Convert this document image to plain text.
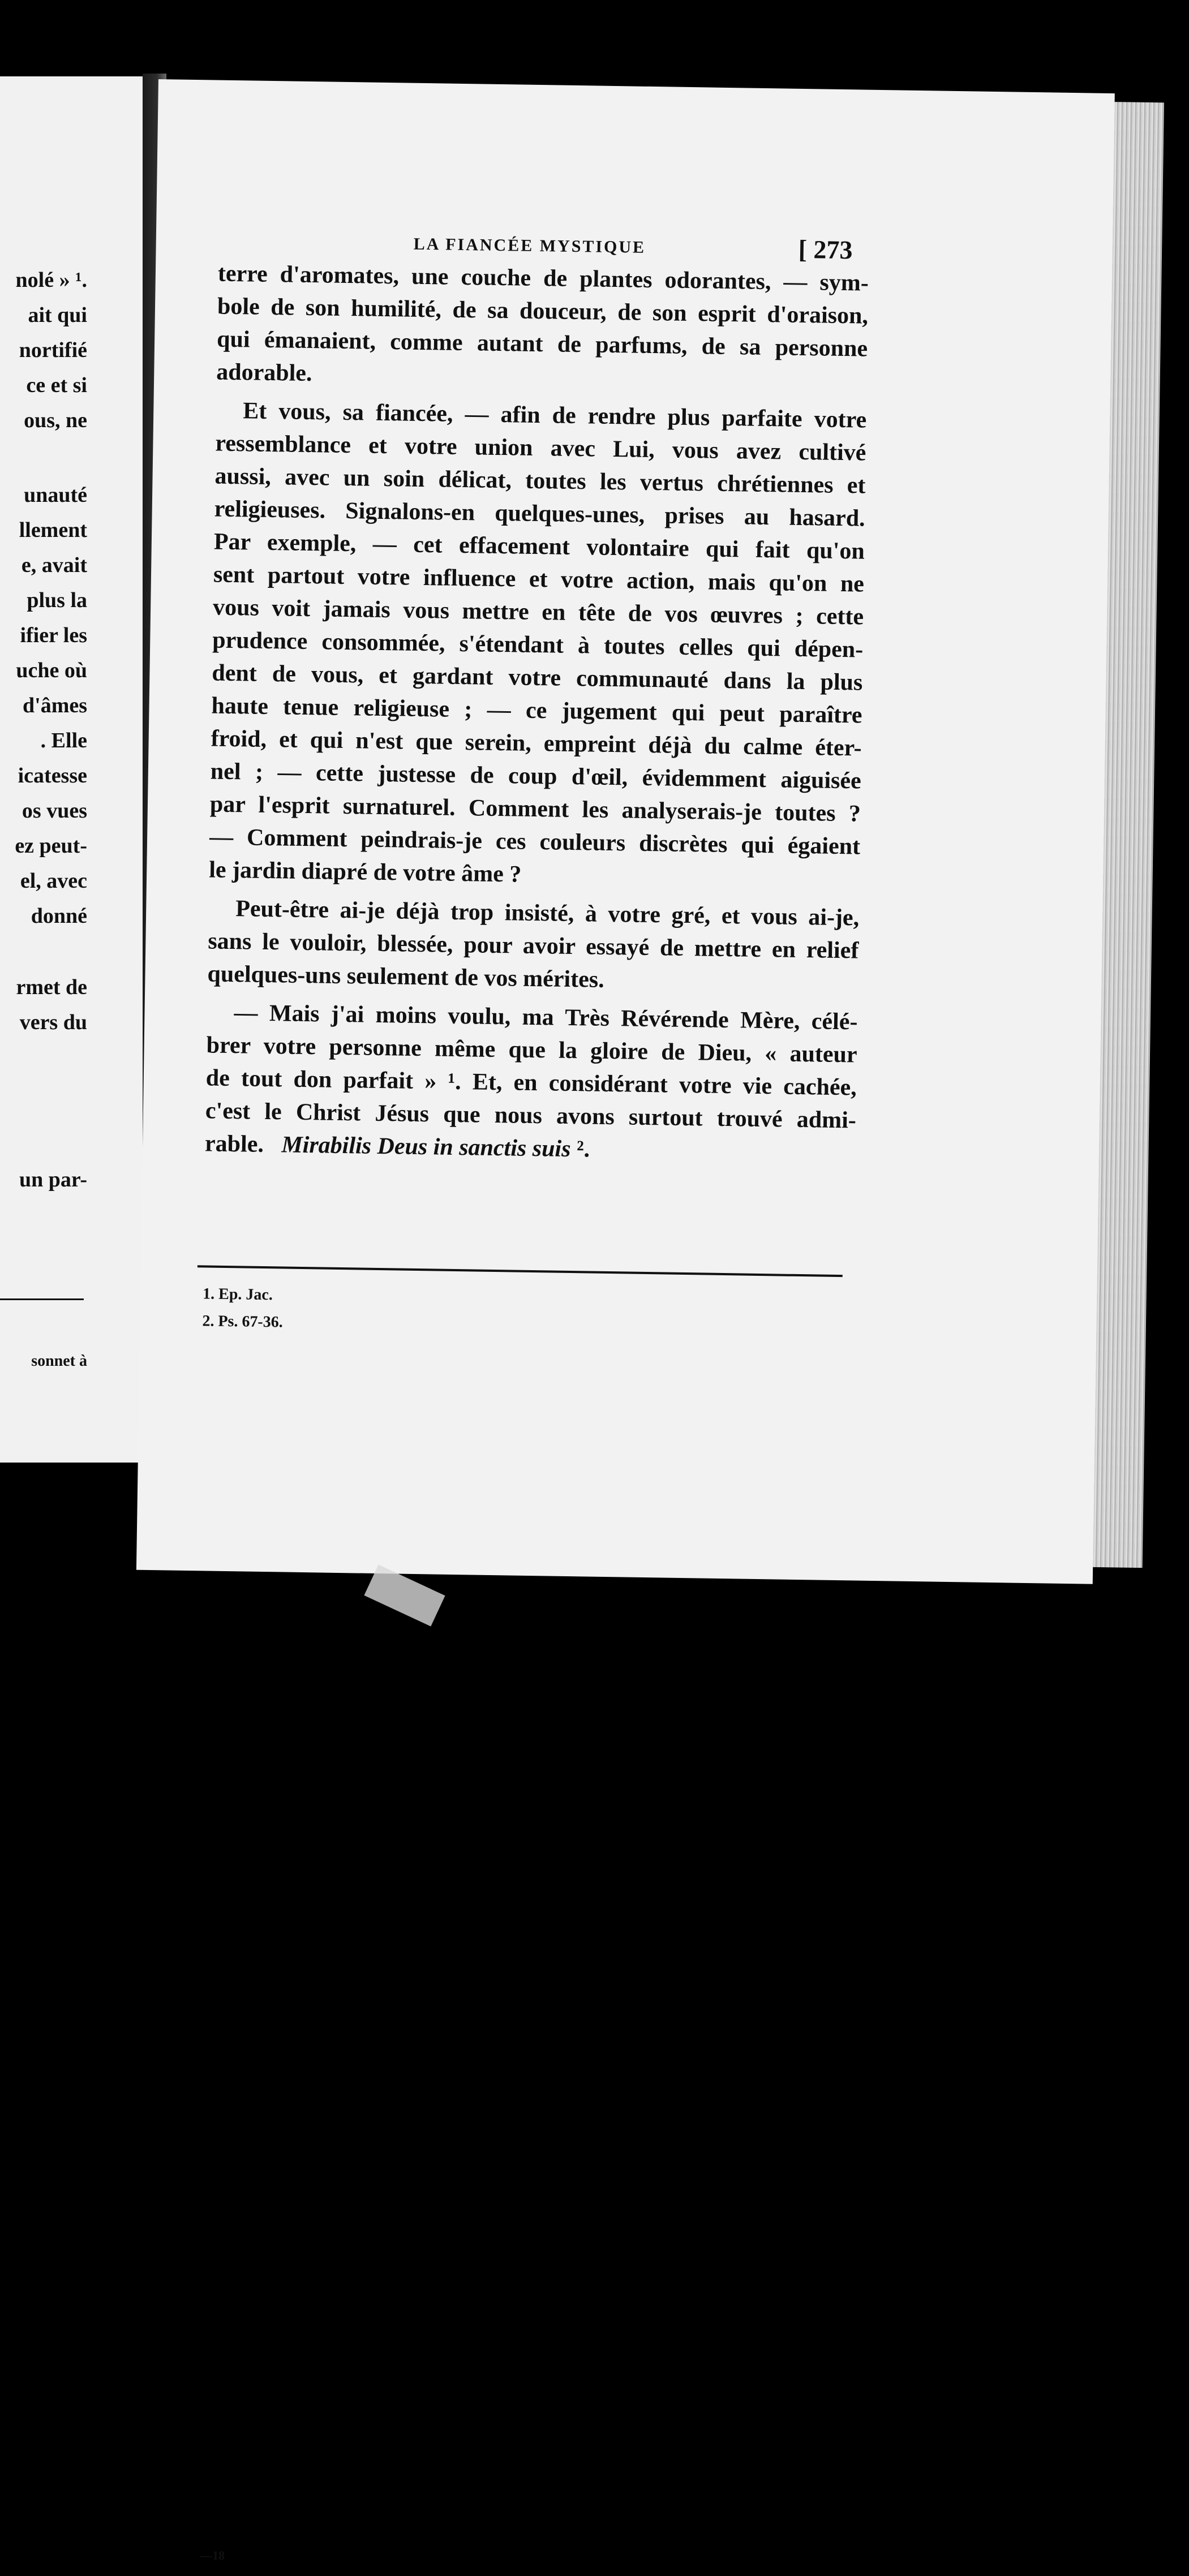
nolé » ¹.
ait qui
nortifié
ce et si
ous, ne
unauté
llement
e, avait
plus la
ifier les
uche où
d'âmes
. Elle
icatesse
os vues
ez peut-
el, avec
donné
rmet de
vers du
un par-
sonnet à
LA FIANCÉE MYSTIQUE	[ 273
terre d'aromates, une couche de plantes odorantes, — sym-
bole de son humilité, de sa douceur, de son esprit d'oraison,
qui émanaient, comme autant de parfums, de sa personne
adorable.
Et vous, sa fiancée, — afin de rendre plus parfaite votre
ressemblance et votre union avec Lui, vous avez cultivé
aussi, avec un soin délicat, toutes les vertus chrétiennes et
religieuses. Signalons-en quelques-unes, prises au hasard.
Par exemple, — cet effacement volontaire qui fait qu'on
sent partout votre influence et votre action, mais qu'on ne
vous voit jamais vous mettre en tête de vos œuvres ; cette
prudence consommée, s'étendant à toutes celles qui dépen-
dent de vous, et gardant votre communauté dans la plus
haute tenue religieuse ; — ce jugement qui peut paraître
froid, et qui n'est que serein, empreint déjà du calme éter-
nel ; — cette justesse de coup d'œil, évidemment aiguisée
par l'esprit surnaturel. Comment les analyserais-je toutes ?
— Comment peindrais-je ces couleurs discrètes qui égaient
le jardin diapré de votre âme ?
Peut-être ai-je déjà trop insisté, à votre gré, et vous ai-je,
sans le vouloir, blessée, pour avoir essayé de mettre en relief
quelques-uns seulement de vos mérites.
— Mais j'ai moins voulu, ma Très Révérende Mère, célé-
brer votre personne même que la gloire de Dieu, « auteur
de tout don parfait » ¹. Et, en considérant votre vie cachée,
c'est le Christ Jésus que nous avons surtout trouvé admi-
rable. Mirabilis Deus in sanctis suis ².
1. Ep. Jac.
2. Ps. 67-36.
—18
